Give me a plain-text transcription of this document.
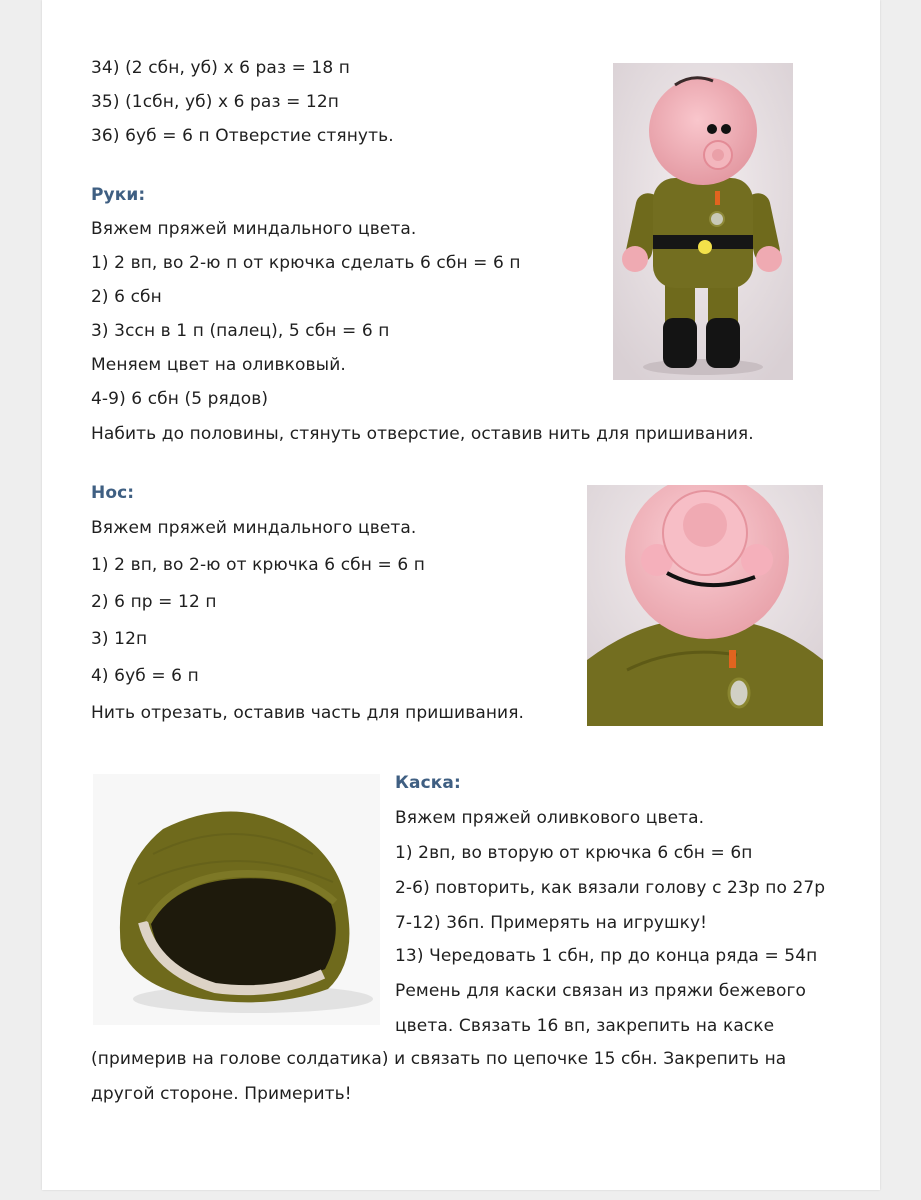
34) (2 сбн, уб) х 6 раз = 18 п
35) (1сбн, уб) х 6 раз = 12п
36) 6уб = 6 п Отверстие стянуть.
Руки:
Вяжем пряжей миндального цвета.
1) 2 вп, во 2-ю п от крючка сделать 6 сбн = 6 п
2) 6 сбн
3) 3ссн в 1 п (палец), 5 сбн = 6 п
Меняем цвет на оливковый.
4-9) 6 сбн (5 рядов)
Набить до половины, стянуть отверстие, оставив нить для пришивания.
Нос:
Вяжем пряжей миндального цвета.
1) 2 вп, во 2-ю от крючка 6 сбн = 6 п
2) 6 пр = 12 п
3) 12п
4) 6уб = 6 п
Нить отрезать, оставив часть для пришивания.
Каска:
Вяжем пряжей оливкового цвета.
1) 2вп, во вторую от крючка 6 сбн = 6п
2-6) повторить, как вязали голову с 23р по 27р
7-12) 36п. Примерять на игрушку!
13) Чередовать 1 сбн, пр до конца ряда = 54п
Ремень для каски связан из пряжи бежевого
цвета. Связать 16 вп, закрепить на каске
(примерив на голове солдатика) и связать по цепочке 15 сбн. Закрепить на
другой стороне. Примерить!
